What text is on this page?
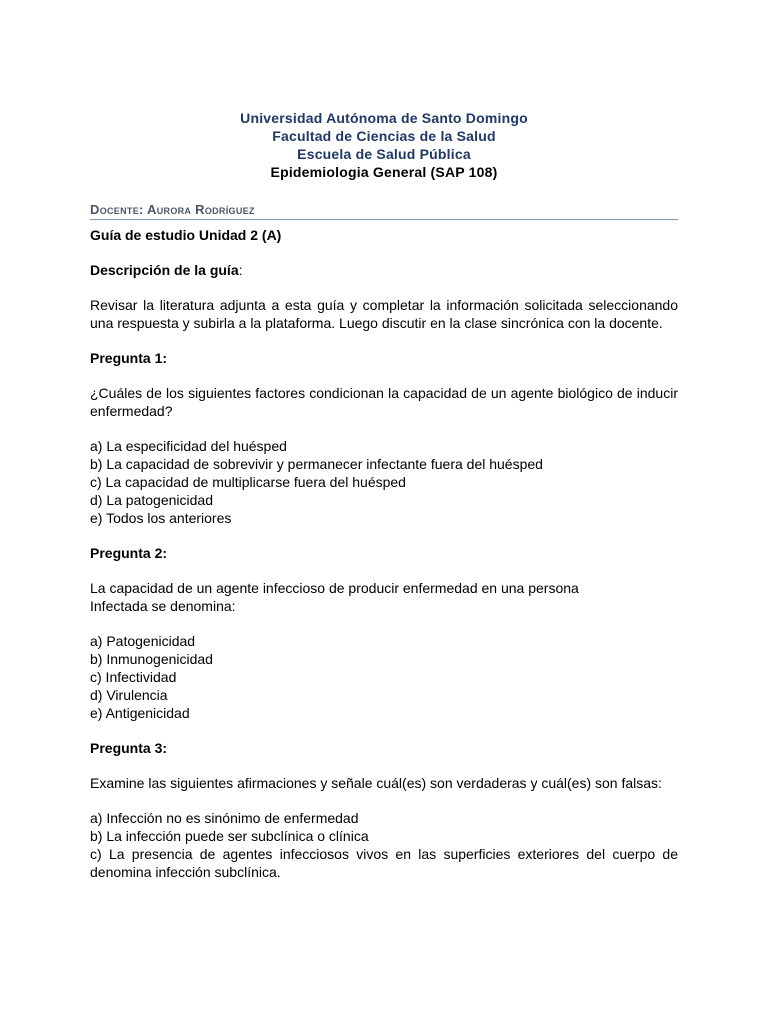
Universidad Autónoma de Santo Domingo
Facultad de Ciencias de la Salud
Escuela de Salud Pública
Epidemiologia General (SAP 108)
Docente: Aurora Rodríguez

Guía de estudio Unidad 2 (A)

Descripción de la guía:

Revisar la literatura adjunta a esta guía y completar la información solicitada seleccionando una respuesta y subirla a la plataforma. Luego discutir en la clase sincrónica con la docente.

Pregunta 1:

¿Cuáles de los siguientes factores condicionan la capacidad de un agente biológico de inducir enfermedad?

a) La especificidad del huésped

b) La capacidad de sobrevivir y permanecer infectante fuera del huésped

c) La capacidad de multiplicarse fuera del huésped

d) La patogenicidad

e) Todos los anteriores

Pregunta 2:

La capacidad de un agente infeccioso de producir enfermedad en una persona

Infectada se denomina:

a) Patogenicidad

b) Inmunogenicidad

c) Infectividad

d) Virulencia

e) Antigenicidad

Pregunta 3:

Examine las siguientes afirmaciones y señale cuál(es) son verdaderas y cuál(es) son falsas:

a) Infección no es sinónimo de enfermedad

b) La infección puede ser subclínica o clínica

c) La presencia de agentes infecciosos vivos en las superficies exteriores del cuerpo de denomina infección subclínica.
